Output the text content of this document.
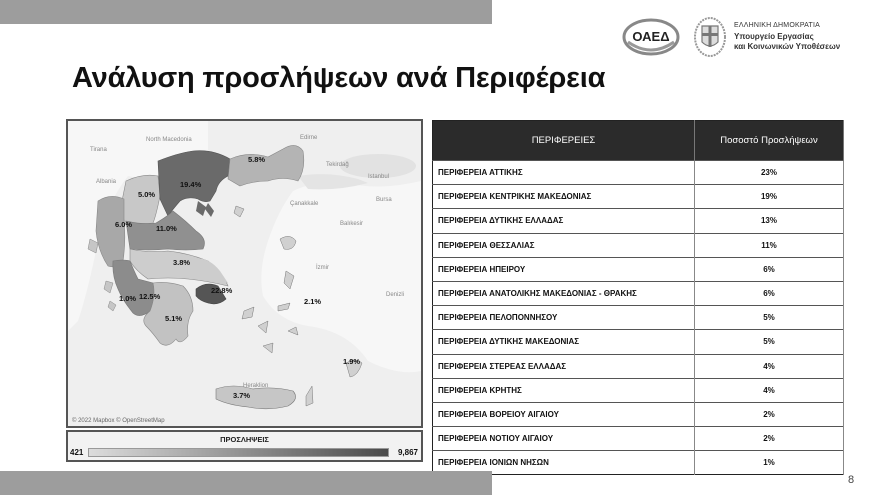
ΟΑΕΔ
ΕΛΛΗΝΙΚΗ ΔΗΜΟΚΡΑΤΙΑ
Υπουργείο Εργασίας
και Κοινωνικών Υποθέσεων
Ανάλυση προσλήψεων ανά Περιφέρεια
North Macedonia
Tirana
Albania
Edirne
Tekirdağ
Istanbul
Bursa
Çanakkale
Balıkesir
İzmir
Denizli
Heraklion
19.4%
5.8%
5.0%
6.0%	11.0%
3.8%
1.0% 12.5%
22.8%
5.1%
2.1%
1.9%
3.7%
© 2022 Mapbox © OpenStreetMap
ΠΡΟΣΛΗΨΕΙΣ
421	9,867
ΠΕΡΙΦΕΡΕΙΕΣ	Ποσοστό Προσλήψεων
ΠΕΡΙΦΕΡΕΙΑ ΑΤΤΙΚΗΣ	23%
ΠΕΡΙΦΕΡΕΙΑ ΚΕΝΤΡΙΚΗΣ ΜΑΚΕΔΟΝΙΑΣ	19%
ΠΕΡΙΦΕΡΕΙΑ ΔΥΤΙΚΗΣ ΕΛΛΑΔΑΣ	13%
ΠΕΡΙΦΕΡΕΙΑ ΘΕΣΣΑΛΙΑΣ	11%
ΠΕΡΙΦΕΡΕΙΑ ΗΠΕΙΡΟΥ	6%
ΠΕΡΙΦΕΡΕΙΑ ΑΝΑΤΟΛΙΚΗΣ ΜΑΚΕΔΟΝΙΑΣ - ΘΡΑΚΗΣ	6%
ΠΕΡΙΦΕΡΕΙΑ ΠΕΛΟΠΟΝΝΗΣΟΥ	5%
ΠΕΡΙΦΕΡΕΙΑ ΔΥΤΙΚΗΣ ΜΑΚΕΔΟΝΙΑΣ	5%
ΠΕΡΙΦΕΡΕΙΑ ΣΤΕΡΕΑΣ ΕΛΛΑΔΑΣ	4%
ΠΕΡΙΦΕΡΕΙΑ ΚΡΗΤΗΣ	4%
ΠΕΡΙΦΕΡΕΙΑ ΒΟΡΕΙΟΥ ΑΙΓΑΙΟΥ	2%
ΠΕΡΙΦΕΡΕΙΑ ΝΟΤΙΟΥ ΑΙΓΑΙΟΥ	2%
ΠΕΡΙΦΕΡΕΙΑ ΙΟΝΙΩΝ ΝΗΣΩΝ	1%
8
